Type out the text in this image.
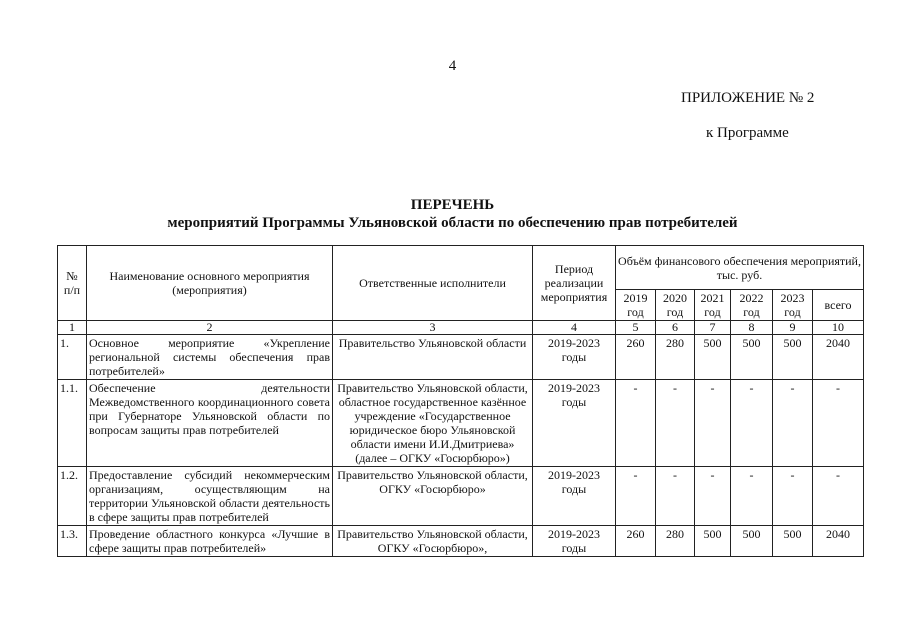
4
ПРИЛОЖЕНИЕ № 2
к Программе
ПЕРЕЧЕНЬ
мероприятий Программы Ульяновской области по обеспечению прав потребителей
№ п/п	Наименование основного мероприятия (мероприятия)	Ответственные исполнители	Период реализации мероприятия	Объём финансового обеспечения мероприятий, тыс. руб.					
				2019 год	2020 год	2021 год	2022 год	2023 год	всего
1	2	3	4	5	6	7	8	9	10
1.	Основное мероприятие «Укрепление региональной системы обеспечения прав потребителей»	Правительство Ульяновской области	2019-2023 годы	260	280	500	500	500	2040
1.1.	Обеспечение деятельности Межведомственного координационного совета при Губернаторе Ульяновской области по вопросам защиты прав потребителей	Правительство Ульяновской области, областное государственное казённое учреждение «Государственное юридическое бюро Ульяновской области имени И.И.Дмитриева» (далее – ОГКУ «Госюрбюро»)	2019-2023 годы	-	-	-	-	-	-
1.2.	Предоставление субсидий некоммерческим организациям, осуществляющим на территории Ульяновской области деятельность в сфере защиты прав потребителей	Правительство Ульяновской области, ОГКУ «Госюрбюро»	2019-2023 годы	-	-	-	-	-	-
1.3.	Проведение областного конкурса «Лучшие в сфере защиты прав потребителей»	Правительство Ульяновской области, ОГКУ «Госюрбюро»,	2019-2023 годы	260	280	500	500	500	2040
